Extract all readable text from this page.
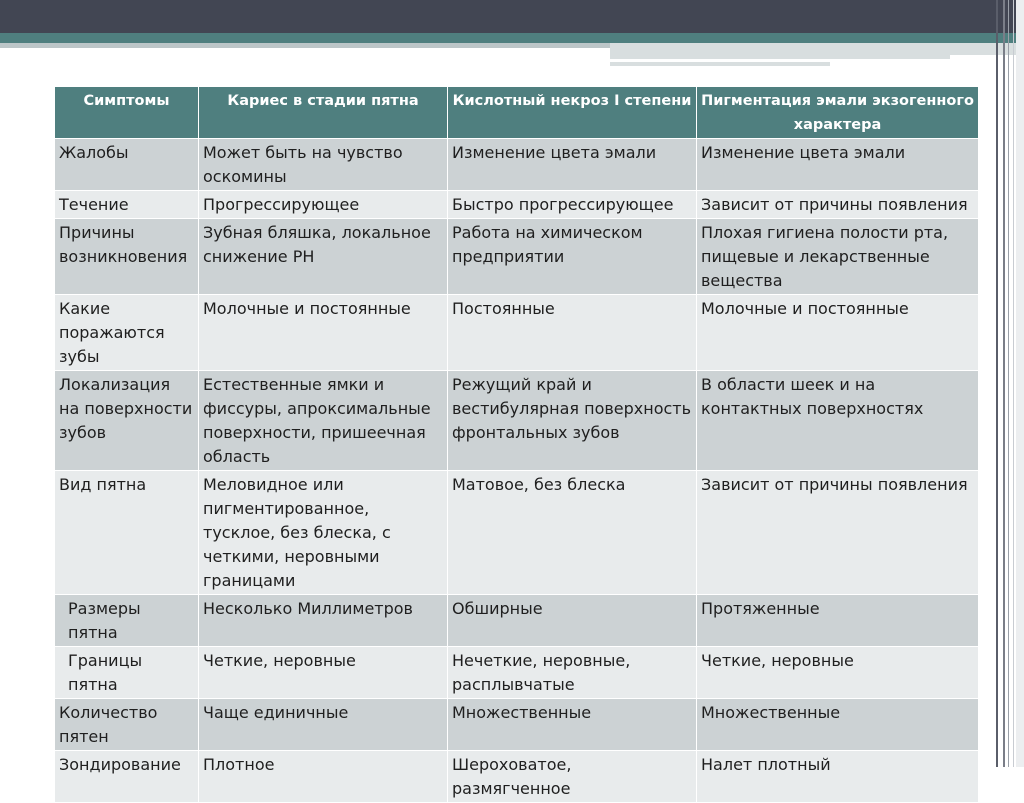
Симптомы	Кариес в стадии пятна	Кислотный некроз I степени	Пигментация эмали экзогенного характера
Жалобы	Может быть на чувство оскомины	Изменение цвета эмали	Изменение цвета эмали
Течение	Прогрессирующее	Быстро прогрессирующее	Зависит от причины появления
Причины возникновения	Зубная бляшка, локальное снижение РН	Работа на химическом предприятии	Плохая гигиена полости рта, пищевые и лекарственные вещества
Какие поражаются зубы	Молочные и постоянные	Постоянные	Молочные и постоянные
Локализация на поверхности зубов	Естественные ямки и фиссуры, апроксимальные поверхности, пришеечная область	Режущий край и вестибулярная поверхность фронтальных зубов	В области шеек и на контактных поверхностях
Вид пятна	Меловидное или пигментированное, тусклое, без блеска, с четкими, неровными границами	Матовое, без блеска	Зависит от причины появления
Размеры пятна	Несколько Миллиметров	Обширные	Протяженные
Границы пятна	Четкие, неровные	Нечеткие, неровные, расплывчатые	Четкие, неровные
Количество пятен	Чаще единичные	Множественные	Множественные
Зондирование	Плотное	Шероховатое, размягченное	Налет плотный
